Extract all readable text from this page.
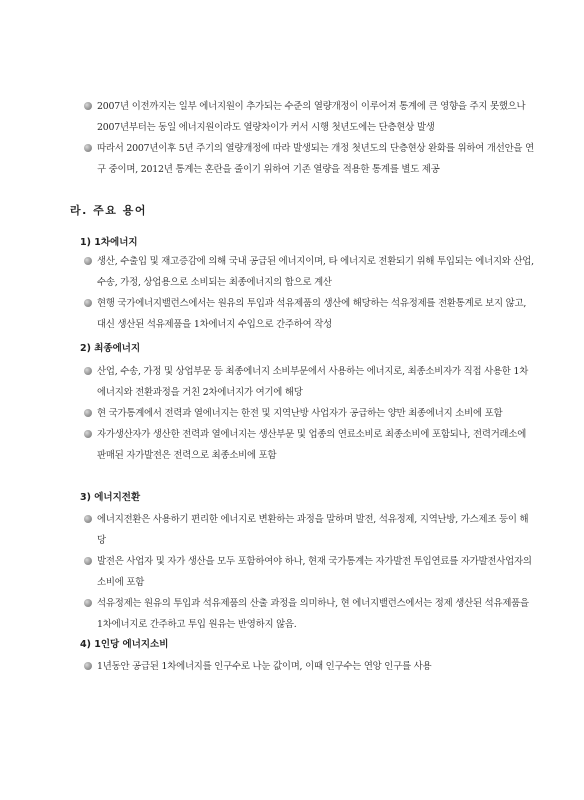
2007년 이전까지는 일부 에너지원이 추가되는 수준의 열량개정이 이루어져 통계에 큰 영향을 주지 못했으나 2007년부터는 동일 에너지원이라도 열량차이가 커서 시행 첫년도에는 단층현상 발생
따라서 2007년이후 5년 주기의 열량개정에 따라 발생되는 개정 첫년도의 단층현상 완화를 위하여 개선안을 연구 중이며, 2012년 통계는 혼란을 줄이기 위하여 기존 열량을 적용한 통계를 별도 제공
라. 주요 용어
1) 1차에너지
생산, 수출입 및 재고증감에 의해 국내 공급된 에너지이며, 타 에너지로 전환되기 위해 투입되는 에너지와 산업, 수송, 가정, 상업용으로 소비되는 최종에너지의 합으로 계산
현행 국가에너지밸런스에서는 원유의 투입과 석유제품의 생산에 해당하는 석유정제를 전환통계로 보지 않고, 대신 생산된 석유제품을 1차에너지 수입으로 간주하여 작성
2) 최종에너지
산업, 수송, 가정 및 상업부문 등 최종에너지 소비부문에서 사용하는 에너지로, 최종소비자가 직접 사용한 1차에너지와 전환과정을 거친 2차에너지가 여기에 해당
현 국가통계에서 전력과 열에너지는 한전 및 지역난방 사업자가 공급하는 양만 최종에너지 소비에 포함
자가생산자가 생산한 전력과 열에너지는 생산부문 및 업종의 연료소비로 최종소비에 포함되나, 전력거래소에 판매된 자가발전은 전력으로 최종소비에 포함
3) 에너지전환
에너지전환은 사용하기 편리한 에너지로 변환하는 과정을 말하며 발전, 석유정제, 지역난방, 가스제조 등이 해당
발전은 사업자 및 자가 생산을 모두 포함하여야 하나, 현재 국가통계는 자가발전 투입연료를 자가발전사업자의 소비에 포함
석유정제는 원유의 투입과 석유제품의 산출 과정을 의미하나, 현 에너지밸런스에서는 정제 생산된 석유제품을 1차에너지로 간주하고 투입 원유는 반영하지 않음.
4) 1인당 에너지소비
1년동안 공급된 1차에너지를 인구수로 나눈 값이며, 이때 인구수는 연앙 인구를 사용
